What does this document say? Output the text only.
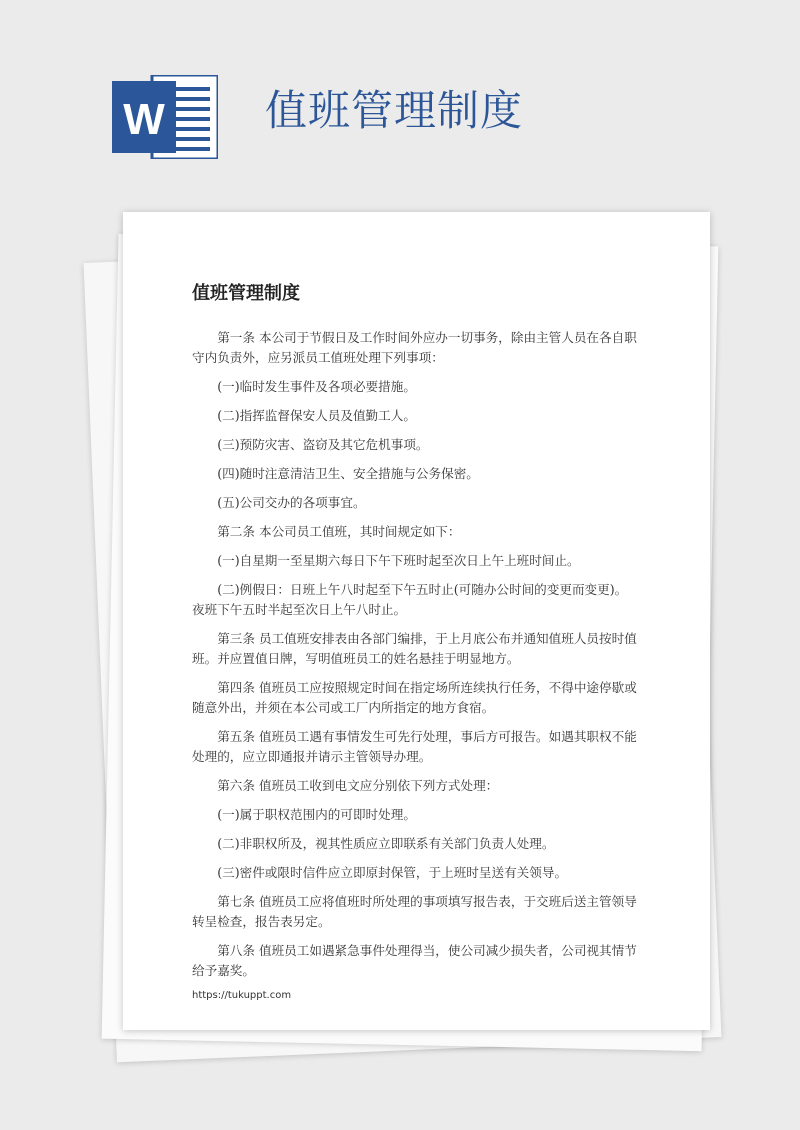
W 值班管理制度
值班管理制度

第一条 本公司于节假日及工作时间外应办一切事务，除由主管人员在各自职守内负责外，应另派员工值班处理下列事项：

(一)临时发生事件及各项必要措施。

(二)指挥监督保安人员及值勤工人。

(三)预防灾害、盗窃及其它危机事项。

(四)随时注意清洁卫生、安全措施与公务保密。

(五)公司交办的各项事宜。

第二条 本公司员工值班，其时间规定如下：

(一)自星期一至星期六每日下午下班时起至次日上午上班时间止。

(二)例假日：日班上午八时起至下午五时止(可随办公时间的变更而变更)。夜班下午五时半起至次日上午八时止。

第三条 员工值班安排表由各部门编排，于上月底公布并通知值班人员按时值班。并应置值日牌，写明值班员工的姓名悬挂于明显地方。

第四条 值班员工应按照规定时间在指定场所连续执行任务，不得中途停歇或随意外出，并须在本公司或工厂内所指定的地方食宿。

第五条 值班员工遇有事情发生可先行处理，事后方可报告。如遇其职权不能处理的，应立即通报并请示主管领导办理。

第六条 值班员工收到电文应分别依下列方式处理：

(一)属于职权范围内的可即时处理。

(二)非职权所及，视其性质应立即联系有关部门负责人处理。

(三)密件或限时信件应立即原封保管，于上班时呈送有关领导。

第七条 值班员工应将值班时所处理的事项填写报告表，于交班后送主管领导转呈检查，报告表另定。

第八条 值班员工如遇紧急事件处理得当，使公司减少损失者，公司视其情节给予嘉奖。

https://tukuppt.com
